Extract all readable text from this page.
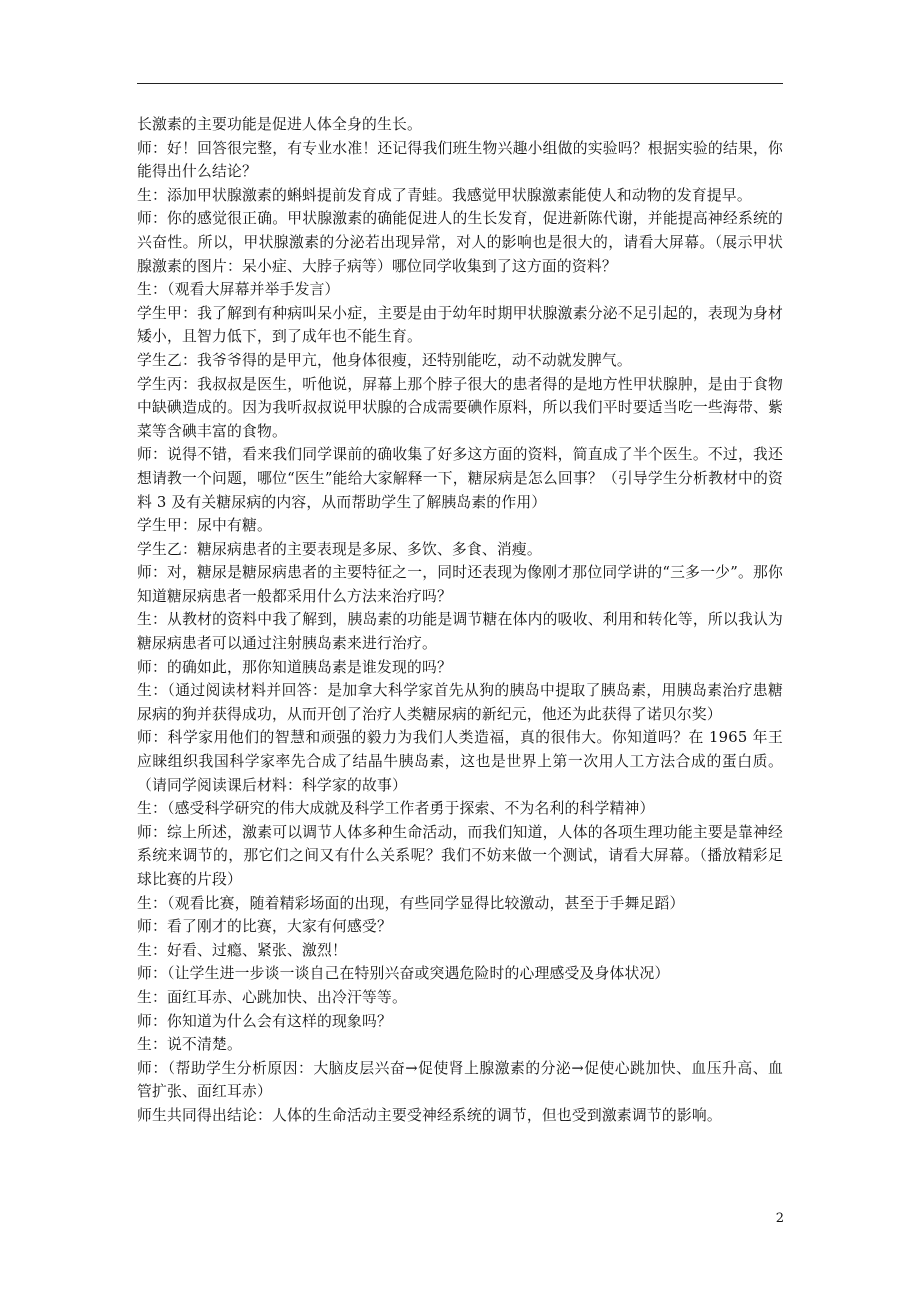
长激素的主要功能是促进人体全身的生长。

师：好！回答很完整，有专业水准！还记得我们班生物兴趣小组做的实验吗？根据实验的结果，你能得出什么结论？

生：添加甲状腺激素的蝌蚪提前发育成了青蛙。我感觉甲状腺激素能使人和动物的发育提早。

师：你的感觉很正确。甲状腺激素的确能促进人的生长发育，促进新陈代谢，并能提高神经系统的兴奋性。所以，甲状腺激素的分泌若出现异常，对人的影响也是很大的，请看大屏幕。（展示甲状腺激素的图片：呆小症、大脖子病等）哪位同学收集到了这方面的资料？

生：（观看大屏幕并举手发言）

学生甲：我了解到有种病叫呆小症，主要是由于幼年时期甲状腺激素分泌不足引起的，表现为身材矮小，且智力低下，到了成年也不能生育。

学生乙：我爷爷得的是甲亢，他身体很瘦，还特别能吃，动不动就发脾气。

学生丙：我叔叔是医生，听他说，屏幕上那个脖子很大的患者得的是地方性甲状腺肿，是由于食物中缺碘造成的。因为我听叔叔说甲状腺的合成需要碘作原料，所以我们平时要适当吃一些海带、紫菜等含碘丰富的食物。

师：说得不错，看来我们同学课前的确收集了好多这方面的资料，简直成了半个医生。不过，我还想请教一个问题，哪位“医生”能给大家解释一下，糖尿病是怎么回事？（引导学生分析教材中的资料 3 及有关糖尿病的内容，从而帮助学生了解胰岛素的作用）

学生甲：尿中有糖。

学生乙：糖尿病患者的主要表现是多尿、多饮、多食、消瘦。

师：对，糖尿是糖尿病患者的主要特征之一，同时还表现为像刚才那位同学讲的“三多一少”。那你知道糖尿病患者一般都采用什么方法来治疗吗？

生：从教材的资料中我了解到，胰岛素的功能是调节糖在体内的吸收、利用和转化等，所以我认为糖尿病患者可以通过注射胰岛素来进行治疗。

师：的确如此，那你知道胰岛素是谁发现的吗？

生：（通过阅读材料并回答：是加拿大科学家首先从狗的胰岛中提取了胰岛素，用胰岛素治疗患糖尿病的狗并获得成功，从而开创了治疗人类糖尿病的新纪元，他还为此获得了诺贝尔奖）

师：科学家用他们的智慧和顽强的毅力为我们人类造福，真的很伟大。你知道吗？在 1965 年王应睐组织我国科学家率先合成了结晶牛胰岛素，这也是世界上第一次用人工方法合成的蛋白质。（请同学阅读课后材料：科学家的故事）

生：（感受科学研究的伟大成就及科学工作者勇于探索、不为名利的科学精神）

师：综上所述，激素可以调节人体多种生命活动，而我们知道，人体的各项生理功能主要是靠神经系统来调节的，那它们之间又有什么关系呢？我们不妨来做一个测试，请看大屏幕。（播放精彩足球比赛的片段）

生：（观看比赛，随着精彩场面的出现，有些同学显得比较激动，甚至于手舞足蹈）

师：看了刚才的比赛，大家有何感受？

生：好看、过瘾、紧张、激烈！

师：（让学生进一步谈一谈自己在特别兴奋或突遇危险时的心理感受及身体状况）

生：面红耳赤、心跳加快、出冷汗等等。

师：你知道为什么会有这样的现象吗？

生：说不清楚。

师：（帮助学生分析原因：大脑皮层兴奋→促使肾上腺激素的分泌→促使心跳加快、血压升高、血管扩张、面红耳赤）

师生共同得出结论：人体的生命活动主要受神经系统的调节，但也受到激素调节的影响。

2
